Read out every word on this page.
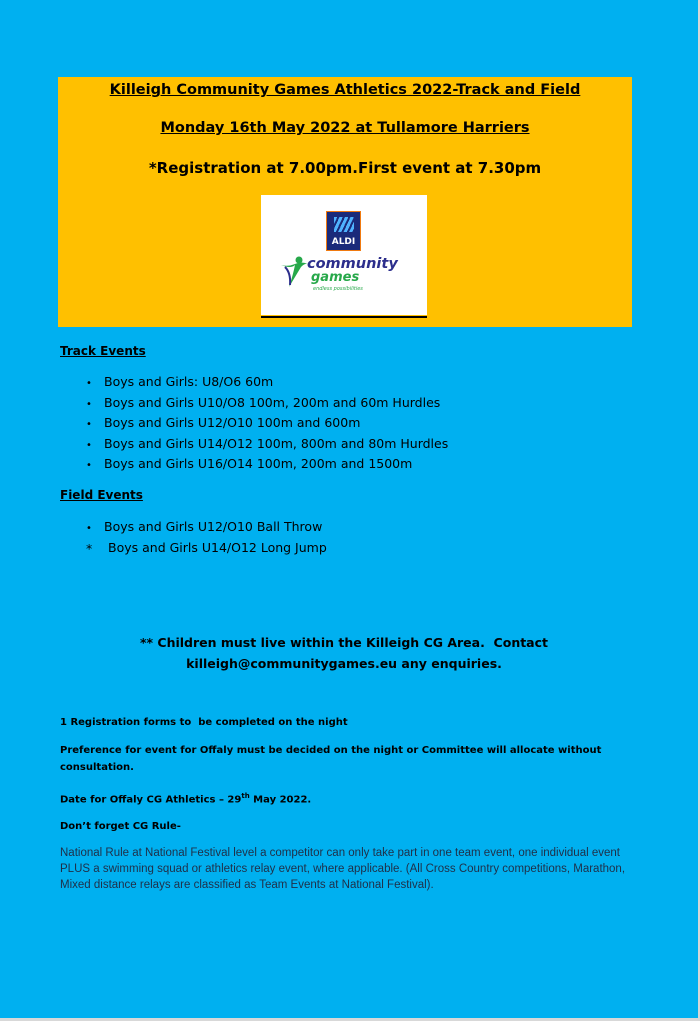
Killeigh Community Games Athletics 2022-Track and Field
Monday 16th May 2022 at Tullamore Harriers
*Registration at 7.00pm.First event at 7.30pm
ALDI
community
games
endless possibilities
Track Events
• Boys and Girls: U8/O6 60m
• Boys and Girls U10/O8 100m, 200m and 60m Hurdles
• Boys and Girls U12/O10 100m and 600m
• Boys and Girls U14/O12 100m, 800m and 80m Hurdles
• Boys and Girls U16/O14 100m, 200m and 1500m
Field Events
• Boys and Girls U12/O10 Ball Throw
* Boys and Girls U14/O12 Long Jump
** Children must live within the Killeigh CG Area.  Contact
killeigh@communitygames.eu any enquiries.
1 Registration forms to  be completed on the night
Preference for event for Offaly must be decided on the night or Committee will allocate without consultation.
Date for Offaly CG Athletics – 29th May 2022.
Don’t forget CG Rule-
National Rule at National Festival level a competitor can only take part in one team event, one individual event PLUS a swimming squad or athletics relay event, where applicable. (All Cross Country competitions, Marathon, Mixed distance relays are classified as Team Events at National Festival).
